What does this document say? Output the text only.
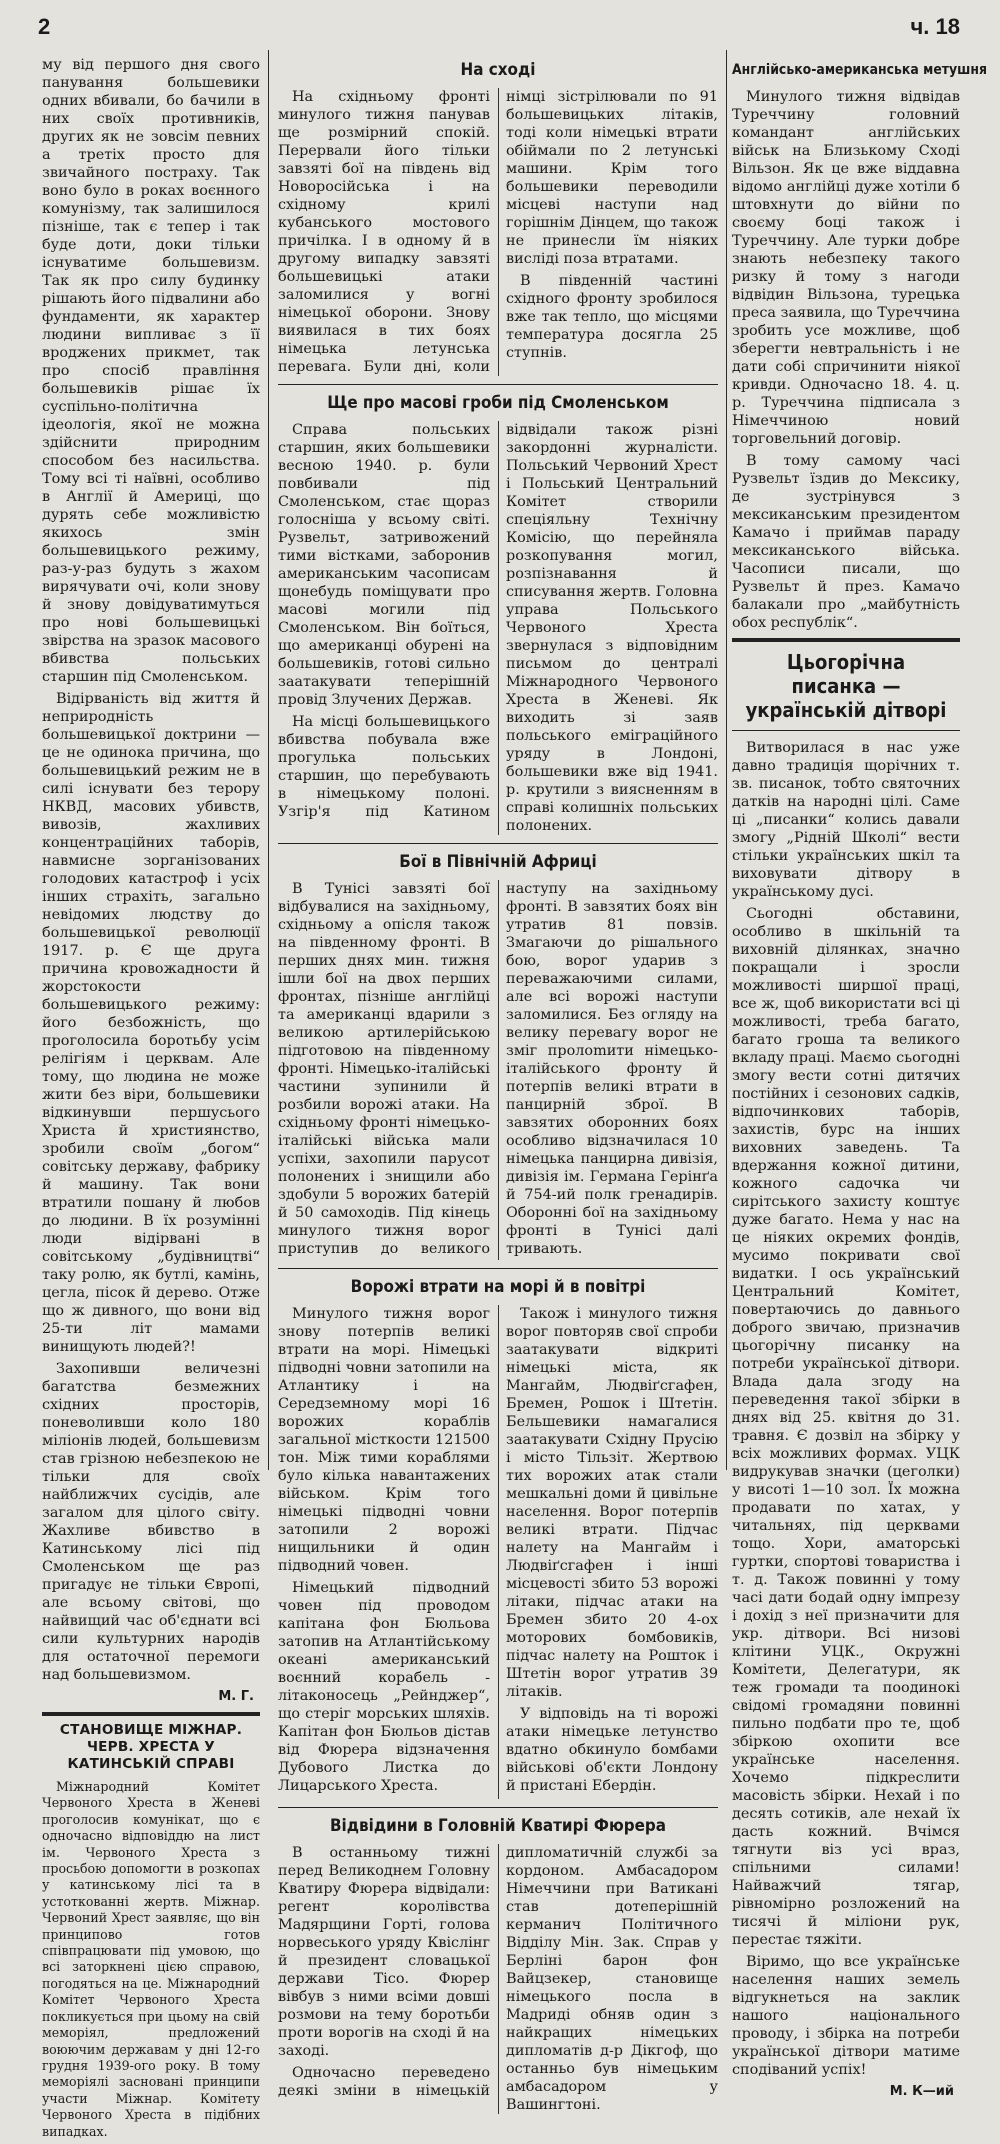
2	ч. 18

му від першого дня свого панування большевики одних вбивали, бо бачили в них своїх противників, других як не зовсім певних а третіх просто для звичайного постраху. Так воно було в роках воєнного комунізму, так залишилося пізніше, так є тепер і так буде доти, доки тільки існуватиме большевизм. Так як про силу будинку рішають його підвалини або фундаменти, як характер людини випливає з її вроджених прикмет, так про спосіб правління большевиків рішає їх суспільно-політична ідеологія, якої не можна здійснити природним способом без насильства. Тому всі ті наївні, особливо в Англії й Америці, що дурять себе можливістю якихось змін большевицького режиму, раз-у-раз будуть з жахом вирячувати очі, коли знову й знову довідуватимуться про нові большевицькі звірства на зразок масового вбивства польських старшин під Смоленськом.

Відірваність від життя й неприродність большевицької доктрини — це не одинока причина, що большевицький режим не в силі існувати без терору НКВД, масових убивств, вивозів, жахливих концентраційних таборів, навмисне зорганізованих голодових катастроф і усіх інших страхіть, загально невідомих людству до большевицької революції 1917. р. Є ще друга причина кровожадности й жорстокости большевицького режиму: його безбожність, що проголосила боротьбу усім релігіям і церквам. Але тому, що людина не може жити без віри, большевики відкинувши першусього Христа й християнство, зробили своїм „богом“ совітську державу, фабрику й машину. Так вони втратили пошану й любов до людини. В їх розумінні люди відірвані в совітському „будівництві“ таку ролю, як бутлі, камінь, цегла, пісок й дерево. Отже що ж дивного, що вони від 25-ти літ мамами винищують людей?!

Захопивши величезні багатства безмежних східних просторів, поневоливши коло 180 міліонів людей, большевизм став грізною небезпекою не тільки для своїх найближчих сусідів, але загалом для цілого світу. Жахливе вбивство в Катинському лісі під Смоленськом ще раз пригадує не тільки Європі, але всьому світові, що найвищий час об'єднати всі сили культурних народів для остаточної перемоги над большевизмом.

М. Г.
СТАНОВИЩЕ МІЖНАР. ЧЕРВ. ХРЕСТА У КАТИНСЬКІЙ СПРАВІ

Міжнародний Комітет Червоного Хреста в Женеві проголосив комунікат, що є одночасно відповіддю на лист ім. Червоного Хреста з просьбою допомогти в розкопах у катинському лісі та в устоткованні жертв. Міжнар. Червоний Хрест заявляє, що він принципово готов співпрацювати під умовою, що всі заторкнені цією справою, погодяться на це. Міжнародний Комітет Червоного Хреста покликується при цьому на свій меморіял, предложений воюючим державам у дні 12-го грудня 1939-ого року. В тому меморіялі засновані принципи участи Міжнар. Комітету Червоного Хреста в підібних випадках.

На сході

На східньому фронті минулого тижня панував ще розмірний спокій. Перервали його тільки завзяті бої на південь від Новоросійська і на східному крилі кубанського мостового причілка. І в одному й в другому випадку завзяті большевицькі атаки заломилися у вогні німецької оборони. Знову виявилася в тих боях німецька летунська перевага. Були дні, коли німці зістрілювали по 91 большевицьких літаків, тоді коли німецькі втрати обіймали по 2 летунські машини. Крім того большевики переводили місцеві наступи над горішнім Дінцем, що також не принесли їм ніяких висліді поза втратами.

В південній частині східного фронту зробилося вже так тепло, що місцями температура досягла 25 ступнів.

Ще про масові гроби під Смоленськом

Справа польських старшин, яких большевики весною 1940. р. були повбивали під Смоленськом, стає щораз голоснішa у всьому світі. Рузвельт, затривожений тими вістками, заборонив американським часописам щонебудь поміщувати про масові могили під Смоленськом. Він боїться, що американці обурені на большевиків, готові сильно заатакувати теперішній провід Злучених Держав.

На місці большевицького вбивства побувала вже прогулька польських старшин, що перебувають в німецькому полоні. Узгір'я під Катином відвідали також різні закордонні журналісти. Польський Червоний Хрест і Польський Центральний Комітет створили спеціяльну Технічну Комісію, що перейняла розкопування могил, розпізнавання й списування жертв. Головна управа Польського Червоного Хреста звернулася з відповідним письмом до централі Міжнародного Червоного Хреста в Женеві. Як виходить зі заяв польського еміграційного уряду в Лондоні, большевики вже від 1941. р. крутили з виясненням в справі колишніх польських полонених.

Бої в Північній Африці

В Тунісі завзяті бої відбувалися на західньому, східньому а опісля також на південному фронті. В перших днях мин. тижня ішли бої на двох перших фронтах, пізніше англійці та американці вдарили з великою артилерійською підготовою на південному фронті. Німецько-італійські частини зупинили й розбили ворожі атаки. На східньому фронті німецько-італійські війська мали успіхи, захопили парусот полонених і знищили або здобули 5 ворожих батерій й 50 самоходів. Під кінець минулого тижня ворог приступив до великого наступу на західньому фронті. В завзятих боях він утратив 81 повзів. Змагаючи до рішального бою, ворог ударив з переважаючими силами, але всі ворожі наступи заломилися. Без огляду на велику перевагу ворог не зміг пролomити німецько-італійського фронту й потерпів великі втрати в панцирній зброї. В завзятих оборонних боях особливо відзначилася 10 німецька панцирна дивізія, дивізія ім. Германа Герінґа й 754-ий полк гренадирів. Оборонні бої на західньому фронті в Тунісі далі тривають.

Ворожі втрати на морі й в повітрі

Минулого тижня ворог знову потерпів великі втрати на морі. Німецькі підводні човни затопили на Атлантику і на Середземному морі 16 ворожих кораблів загальної місткости 121500 тон. Між тими кораблями було кілька навантажених військом. Крім того німецькі підводні човни затопили 2 ворожі нищильники й один підводний човен.

Німецький підводний човен під проводом капітана фон Бюльова затопив на Атлантійському океані американський воєнний корабель - літаконосець „Рейнджер“, що стеріг морських шляхів. Капітан фон Бюльов дістав від Фюрера відзначення Дубового Листка до Лицарського Хреста.

Також і минулого тижня ворог повторяв свої спроби заатакувати відкриті німецькі міста, як Мангайм, Людвіґсгафен, Бремен, Рошок і Штетін. Бельшевики намагалися заатакувати Східну Прусію і місто Тільзіт. Жертвою тих ворожих атак стали мешкальні доми й цивільне населення. Ворог потерпів великі втрати. Підчас налету на Мангайм і Людвіґсгафен і інші місцевості збито 53 ворожі літаки, підчас атаки на Бремен збито 20 4-ох моторових бомбовиків, підчас налету на Рошток і Штетін ворог утратив 39 літаків.

У відповідь на ті ворожі атаки німецьке летунство вдатно обкинуло бомбами військові об'єкти Лондону й пристані Ебердін.

Відвідини в Головній Кватирі Фюрера

В останньому тижні перед Великоднем Головну Кватиру Фюрера відвідали: регент королівства Мадярщини Горті, голова норвеського уряду Квіслінг й президент словацької держави Тісо. Фюрер вівбув з ними всіми довші розмови на тему боротьби проти ворогів на сході й на заході.

Одночасно переведено деякі зміни в німецькій дипломатичній службі за кордоном. Амбасадором Німеччини при Ватикані став дотеперішній керманич Політичного Відділу Мін. Зак. Справ у Берліні барон фон Вайцзекер, становище німецького посла в Мадриді обняв один з найкращих німецьких дипломатів д-р Дікгоф, що останньо був німецьким амбасадором у Вашингтоні.

Англійсько-американська метушня

Минулого тижня відвідав Туреччину головний командант англійських військ на Близькому Сході Вільзон. Як це вже віддавна відомо англійці дуже хотіли б штовхнути до війни по своєму боці також і Туреччину. Але турки добре знають небезпеку такого ризку й тому з нагоди відвідин Вільзона, турецька преса заявила, що Туреччина зробить усе можливе, щоб зберегти невтральність і не дати собі спричинити ніякої кривди. Одночасно 18. 4. ц. р. Туреччина підписала з Німеччиною новий торговельний договір.

В тому самому часі Рузвельт їздив до Мексику, де зустрінувся з мексиканським президентом Камачо і приймав параду мексиканського війська. Часописи писали, що Рузвельт й през. Камачо балакали про „майбутність обох республік“.

Цьогорічна писанка — українській дітворі

Витворилася в нас уже давно традиція щорічних т. зв. писанок, тобто святочних датків на народні цілі. Саме ці „писанки“ колись давали змогу „Рідній Школі“ вести стільки українських шкіл та виховувати дітвору в українському дусі.

Сьогодні обставини, особливо в шкільній та виховній ділянках, значно покращали і зросли можливості ширшої праці, все ж, щоб використати всі ці можливості, треба багато, багато гроша та великого вкладу праці. Маємо сьогодні змогу вести сотні дитячих постійних і сезонових садків, відпочинкових таборів, захистів, бурс на інших виховних заведень. Та вдержання кожної дитини, кожного садочка чи сирітського захисту коштує дуже багато. Нема у нас на це ніяких окремих фондів, мусимо покривати свої видатки. І ось український Центральний Комітет, повертаючись до давнього доброго звичаю, призначив цьогорічну писанку на потреби української дітвори. Влада дала згоду на переведення такої збірки в днях від 25. квітня до 31. травня. Є дозвіл на збірку у всіх можливих формах. УЦК видрукував значки (цеголки) у висоті 1—10 зол. Їх можна продавати по хатах, у читальнях, під церквами тощо. Хори, аматорські гуртки, спортові товариства і т. д. Також повинні у тому часі дати бодай одну імпрезу і дохід з неї призначити для укр. дітвори. Всі низові клітини УЦК., Окружні Комітети, Делегатури, як теж громади та поодинокі свідомі громадяни повинні пильно подбати про те, щоб збіркою охопити все українське населення. Хочемо підкреслити масовість збірки. Нехай і по десять сотиків, але нехай їх дасть кожний. Вчімся тягнути віз усі враз, спільними силами! Найважчий тягар, рівномірно розложений на тисячі й міліони рук, перестає тяжіти.

Віримо, що все українське населення наших земель відгукнеться на заклик нашого національного проводу, і збірка на потреби української дітвори матиме сподіваний успіх!

М. К—ий
